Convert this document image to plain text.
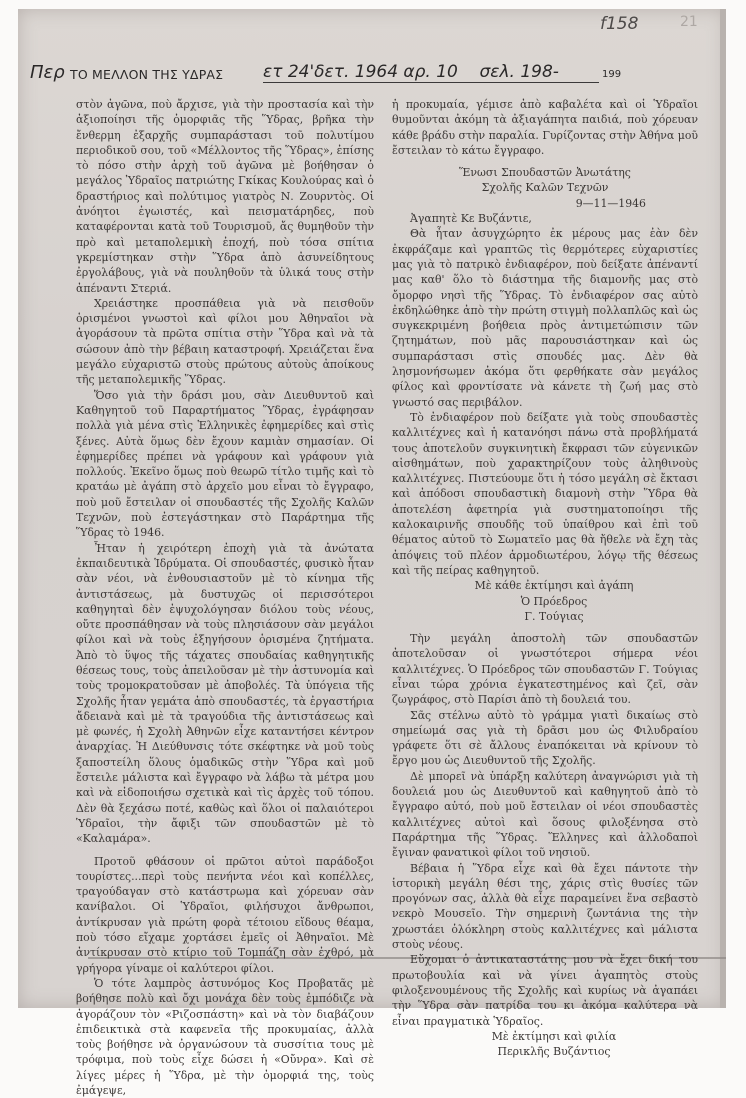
f158	21
Περ ΤΟ ΜΕΛΛΟΝ ΤΗΣ ΥΔΡΑΣ ετ 24'δετ. 1964 αρ. 10 σελ. 198-	199

στὸν ἀγῶνα, ποὺ ἄρχισε, γιὰ τὴν προστασία καὶ τὴν ἀξιοποίησι τῆς ὀμορφιᾶς τῆς Ὕδρας, βρῆκα τὴν ἔνθερμη ἐξαρχῆς συμπαράστασι τοῦ πολυτίμου περιοδικοῦ σου, τοῦ «Μέλλοντος τῆς Ὕδρας», ἐπίσης τὸ πόσο στὴν ἀρχὴ τοῦ ἀγῶνα μὲ βοήθησαν ὁ μεγάλος Ὑδραῖος πατριώτης Γκίκας Κουλούρας καὶ ὁ δραστήριος καὶ πολύτιμος γιατρὸς Ν. Ζουρντὸς. Οἱ ἀνόητοι ἐγωιστές, καὶ πεισματάρηδες, ποὺ καταφέρονται κατὰ τοῦ Τουρισμοῦ, ἄς θυμηθοῦν τὴν πρὸ καὶ μεταπολεμικὴ ἐποχή, ποὺ τόσα σπίτια γκρεμίστηκαν στὴν Ὕδρα ἀπὸ ἀσυνείδητους ἐργολάβους, γιὰ νὰ πουληθοῦν τὰ ὑλικά τους στὴν ἀπέναντι Στεριά.

Χρειάστηκε προσπάθεια γιὰ νὰ πεισθοῦν ὁρισμένοι γνωστοὶ καὶ φίλοι μου Ἀθηναῖοι νὰ ἀγοράσουν τὰ πρῶτα σπίτια στὴν Ὕδρα καὶ νὰ τὰ σώσουν ἀπὸ τὴν βέβαιη καταστροφή. Χρειάζεται ἕνα μεγάλο εὐχαριστῶ στοὺς πρώτους αὐτοὺς ἀποίκους τῆς μεταπολεμικῆς Ὕδρας.

Ὅσο γιὰ τὴν δράσι μου, σὰν Διευθυντοῦ καὶ Καθηγητοῦ τοῦ Παραρτήματος Ὕδρας, ἐγράφησαν πολλὰ γιὰ μένα στὶς Ἑλληνικὲς ἐφημερίδες καὶ στὶς ξένες. Αὐτὰ ὅμως δὲν ἔχουν καμιὰν σημασίαν. Οἱ ἐφημερίδες πρέπει νὰ γράφουν καὶ γράφουν γιὰ πολλούς. Ἐκεῖνο ὅμως ποὺ θεωρῶ τίτλο τιμῆς καὶ τὸ κρατάω μὲ ἀγάπη στὸ ἀρχεῖο μου εἶναι τὸ ἔγγραφο, ποὺ μοῦ ἔστειλαν οἱ σπουδαστές τῆς Σχολῆς Καλῶν Τεχνῶν, ποὺ ἐστεγάστηκαν στὸ Παράρτημα τῆς Ὕδρας τὸ 1946.

Ἦταν ἡ χειρότερη ἐποχὴ γιὰ τὰ ἀνώτατα ἐκπαιδευτικὰ Ἱδρύματα. Οἱ σπουδαστές, φυσικὸ ἦταν σὰν νέοι, νὰ ἐνθουσιαστοῦν μὲ τὸ κίνημα τῆς ἀντιστάσεως, μὰ δυστυχῶς οἱ περισσότεροι καθηγηταὶ δὲν ἐψυχολόγησαν διόλου τοὺς νέους, οὔτε προσπάθησαν νὰ τοὺς πλησιάσουν σὰν μεγάλοι φίλοι καὶ νὰ τοὺς ἐξηγήσουν ὁρισμένα ζητήματα. Ἀπὸ τὸ ὕψος τῆς τάχατες σπουδαίας καθηγητικῆς θέσεως τους, τοὺς ἀπειλοῦσαν μὲ τὴν ἀστυνομία καὶ τοὺς τρομοκρατοῦσαν μὲ ἀποβολές. Τὰ ὑπόγεια τῆς Σχολῆς ἦταν γεμάτα ἀπὸ σπουδαστές, τὰ ἐργαστήρια ἄδειανὰ καὶ μὲ τὰ τραγούδια τῆς ἀντιστάσεως καὶ μὲ φωνές, ἡ Σχολὴ Ἀθηνῶν εἶχε καταντήσει κέντρον ἀναρχίας. Ἡ Διεύθυνσις τότε σκέφτηκε νὰ μοῦ τοὺς ξαποστείλη ὅλους ὁμαδικῶς στὴν Ὕδρα καὶ μοῦ ἔστειλε μάλιστα καὶ ἔγγραφο νὰ λάβω τὰ μέτρα μου καὶ νὰ εἰδοποιήσω σχετικὰ καὶ τὶς ἀρχὲς τοῦ τόπου. Δὲν θὰ ξεχάσω ποτέ, καθὼς καὶ ὅλοι οἱ παλαιότεροι Ὑδραῖοι, τὴν ἄφιξι τῶν σπουδαστῶν μὲ τὸ «Καλαμάρα».

Προτοῦ φθάσουν οἱ πρῶτοι αὐτοὶ παράδοξοι τουρίστες...περὶ τοὺς πενήντα νέοι καὶ κοπέλλες, τραγούδαγαν στὸ κατάστρωμα καὶ χόρευαν σὰν κανίβαλοι. Οἱ Ὑδραῖοι, φιλήσυχοι ἄνθρωποι, ἀντίκρυσαν γιὰ πρώτη φορὰ τέτοιου εἴδους θέαμα, ποὺ τόσο εἴχαμε χορτάσει ἐμεῖς οἱ Ἀθηναῖοι. Μὲ ἀντίκρυσαν στὸ κτίριο τοῦ Τομπάζη σὰν ἐχθρό, μὰ γρήγορα γίναμε οἱ καλύτεροι φίλοι.

Ὁ τότε λαμπρὸς ἀστυνόμος Κος Προβατᾶς μὲ βοήθησε πολὺ καὶ ὄχι μονάχα δὲν τοὺς ἐμπόδιζε νὰ ἀγοράζουν τὸν «Ριζοσπάστη» καὶ νὰ τὸν διαβάζουν ἐπιδεικτικὰ στὰ καφενεῖα τῆς προκυμαίας, ἀλλὰ τοὺς βοήθησε νὰ ὀργανώσουν τὰ συσσίτια τους μὲ τρόφιμα, ποὺ τοὺς εἶχε δώσει ἡ «Οὔνρα». Καὶ σὲ λίγες μέρες ἡ Ὕδρα, μὲ τὴν ὀμορφιά της, τοὺς ἐμάγεψε,

ἡ προκυμαία, γέμισε ἀπὸ καβαλέτα καὶ οἱ Ὑδραῖοι θυμοῦνται ἀκόμη τὰ ἀξιαγάπητα παιδιά, ποὺ χόρευαν κάθε βράδυ στὴν παραλία. Γυρίζοντας στὴν Ἀθήνα μοῦ ἔστειλαν τὸ κάτω ἔγγραφο.

Ἕνωσι Σπουδαστῶν Ἀνωτάτης

Σχολῆς Καλῶν Τεχνῶν

9—11—1946

Ἀγαπητὲ Κε Βυζάντιε,

Θὰ ἦταν ἀσυγχώρητο ἐκ μέρους μας ἐὰν δὲν ἐκφράζαμε καὶ γραπτῶς τὶς θερμότερες εὐχαριστίες μας γιὰ τὸ πατρικὸ ἐνδιαφέρον, ποὺ δείξατε ἀπέναντί μας καθ' ὅλο τὸ διάστημα τῆς διαμονῆς μας στὸ ὄμορφο νησὶ τῆς Ὕδρας. Τὸ ἐνδιαφέρον σας αὐτὸ ἐκδηλώθηκε ἀπὸ τὴν πρώτη στιγμὴ πολλαπλῶς καὶ ὡς συγκεκριμένη βοήθεια πρὸς ἀντιμετώπισιν τῶν ζητημάτων, ποὺ μᾶς παρουσιάστηκαν καὶ ὡς συμπαράστασι στὶς σπουδές μας. Δὲν θὰ λησμονήσωμεν ἀκόμα ὅτι φερθήκατε σὰν μεγάλος φίλος καὶ φροντίσατε νὰ κάνετε τὴ ζωή μας στὸ γνωστό σας περιβάλον.

Τὸ ἐνδιαφέρον ποὺ δείξατε γιὰ τοὺς σπουδαστὲς καλλιτέχνες καὶ ἡ κατανόησι πάνω στὰ προβλήματά τους ἀποτελοῦν συγκινητικὴ ἔκφρασι τῶν εὐγενικῶν αἰσθημάτων, ποὺ χαρακτηρίζουν τοὺς ἀληθινοὺς καλλιτέχνες. Πιστεύουμε ὅτι ἡ τόσο μεγάλη σὲ ἔκτασι καὶ ἀπόδοσι σπουδαστικὴ διαμονὴ στὴν Ὕδρα θὰ ἀποτελέση ἀφετηρία γιὰ συστηματοποίησι τῆς καλοκαιρινῆς σπουδῆς τοῦ ὑπαίθρου καὶ ἐπὶ τοῦ θέματος αὐτοῦ τὸ Σωματεῖο μας θὰ ἤθελε νὰ ἔχη τὰς ἀπόψεις τοῦ πλέον ἁρμοδιωτέρου, λόγῳ τῆς θέσεως καὶ τῆς πείρας καθηγητοῦ.

Μὲ κάθε ἐκτίμησι καὶ ἀγάπη

Ὁ Πρόεδρος

Γ. Τούγιας

Τὴν μεγάλη ἀποστολὴ τῶν σπουδαστῶν ἀποτελοῦσαν οἱ γνωστότεροι σήμερα νέοι καλλιτέχνες. Ὁ Πρόεδρος τῶν σπουδαστῶν Γ. Τούγιας εἶναι τώρα χρόνια ἐγκατεστημένος καὶ ζεῖ, σὰν ζωγράφος, στὸ Παρίσι ἀπὸ τὴ δουλειά του.

Σᾶς στέλνω αὐτὸ τὸ γράμμα γιατὶ δικαίως στὸ σημείωμά σας γιὰ τὴ δρᾶσι μου ὡς Φιλυδραίου γράφετε ὅτι σὲ ἄλλους ἐναπόκειται νὰ κρίνουν τὸ ἔργο μου ὡς Διευθυντοῦ τῆς Σχολῆς.

Δὲ μπορεῖ νὰ ὑπάρξη καλύτερη ἀναγνώρισι γιὰ τὴ δουλειά μου ὡς Διευθυντοῦ καὶ καθηγητοῦ ἀπὸ τὸ ἔγγραφο αὐτό, ποὺ μοῦ ἔστειλαν οἱ νέοι σπουδαστὲς καλλιτέχνες αὐτοὶ καὶ ὅσους φιλοξένησα στὸ Παράρτημα τῆς Ὕδρας. Ἕλληνες καὶ ἀλλοδαποὶ ἔγιναν φανατικοὶ φίλοι τοῦ νησιοῦ.

Βέβαια ἡ Ὕδρα εἶχε καὶ θὰ ἔχει πάντοτε τὴν ἱστορικὴ μεγάλη θέσι της, χάρις στὶς θυσίες τῶν προγόνων σας, ἀλλὰ θὰ εἶχε παραμείνει ἕνα σεβαστὸ νεκρὸ Μουσεῖο. Τὴν σημερινὴ ζωντάνια της τὴν χρωστάει ὁλόκληρη στοὺς καλλιτέχνες καὶ μάλιστα στοὺς νέους.

Εὔχομαι ὁ ἀντικαταστάτης μου νὰ ἔχει δική του πρωτοβουλία καὶ νὰ γίνει ἀγαπητὸς στοὺς φιλοξενουμένους τῆς Σχολῆς καὶ κυρίως νὰ ἀγαπάει τὴν Ὕδρα σὰν πατρίδα του κι ἀκόμα καλύτερα νὰ εἶναι πραγματικὰ Ὑδραῖος.

Μὲ ἐκτίμησι καὶ φιλία

Περικλῆς Βυζάντιος
